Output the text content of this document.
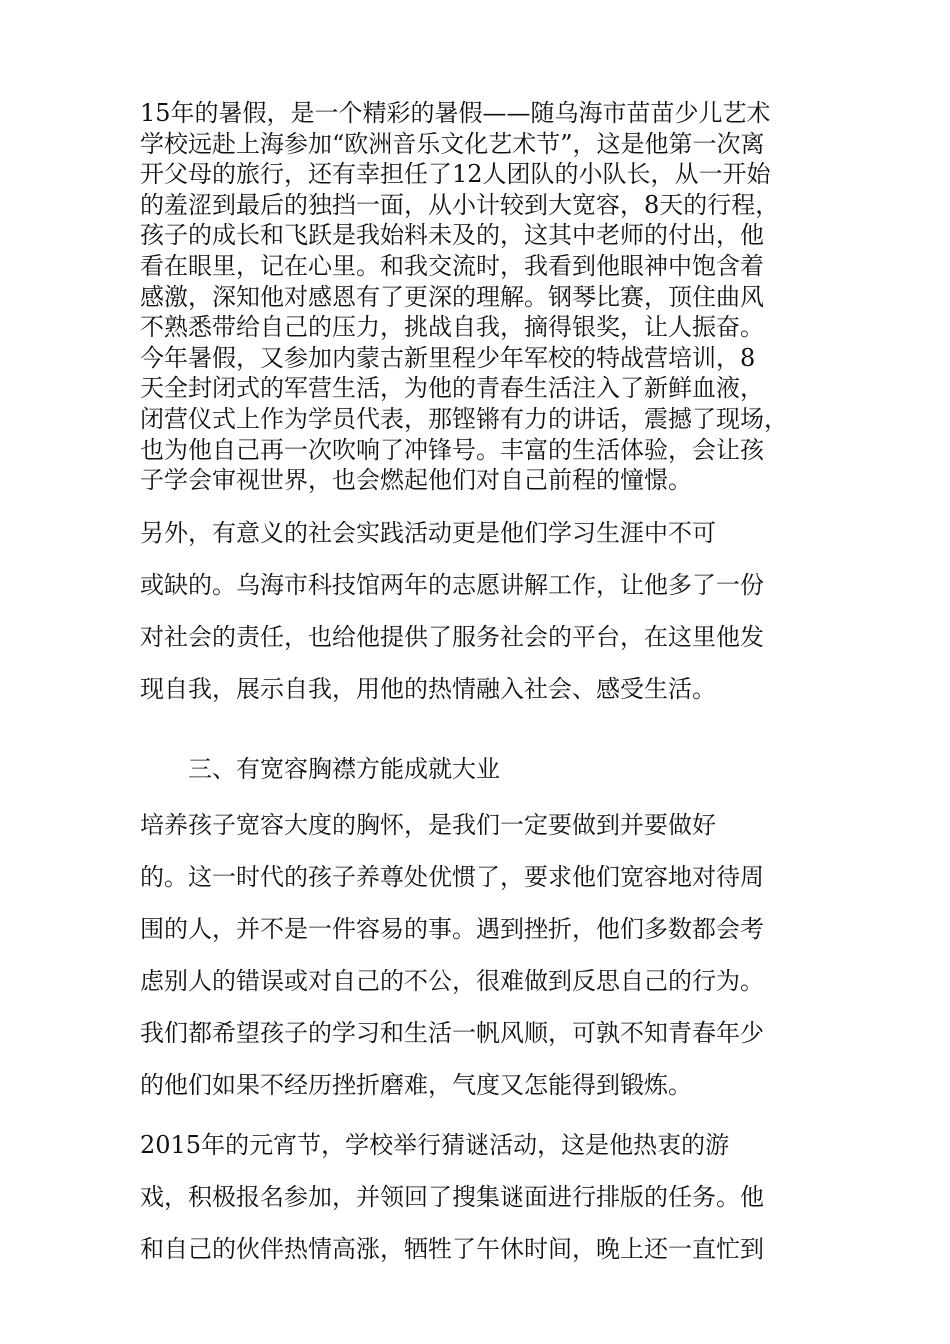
15年的暑假，是一个精彩的暑假——随乌海市苗苗少儿艺术
学校远赴上海参加“欧洲音乐文化艺术节”，这是他第一次离
开父母的旅行，还有幸担任了12人团队的小队长，从一开始
的羞涩到最后的独挡一面，从小计较到大宽容，8天的行程，
孩子的成长和飞跃是我始料未及的，这其中老师的付出，他
看在眼里，记在心里。和我交流时，我看到他眼神中饱含着
感激，深知他对感恩有了更深的理解。钢琴比赛，顶住曲风
不熟悉带给自己的压力，挑战自我，摘得银奖，让人振奋。
今年暑假，又参加内蒙古新里程少年军校的特战营培训，8
天全封闭式的军营生活，为他的青春生活注入了新鲜血液，
闭营仪式上作为学员代表，那铿锵有力的讲话，震撼了现场，
也为他自己再一次吹响了冲锋号。丰富的生活体验，会让孩
子学会审视世界，也会燃起他们对自己前程的憧憬。

另外，有意义的社会实践活动更是他们学习生涯中不可
或缺的。乌海市科技馆两年的志愿讲解工作，让他多了一份
对社会的责任，也给他提供了服务社会的平台，在这里他发
现自我，展示自我，用他的热情融入社会、感受生活。

三、有宽容胸襟方能成就大业

培养孩子宽容大度的胸怀，是我们一定要做到并要做好
的。这一时代的孩子养尊处优惯了，要求他们宽容地对待周
围的人，并不是一件容易的事。遇到挫折，他们多数都会考
虑别人的错误或对自己的不公，很难做到反思自己的行为。
我们都希望孩子的学习和生活一帆风顺，可孰不知青春年少
的他们如果不经历挫折磨难，气度又怎能得到锻炼。

2015年的元宵节，学校举行猜谜活动，这是他热衷的游
戏，积极报名参加，并领回了搜集谜面进行排版的任务。他
和自己的伙伴热情高涨，牺牲了午休时间，晚上还一直忙到
